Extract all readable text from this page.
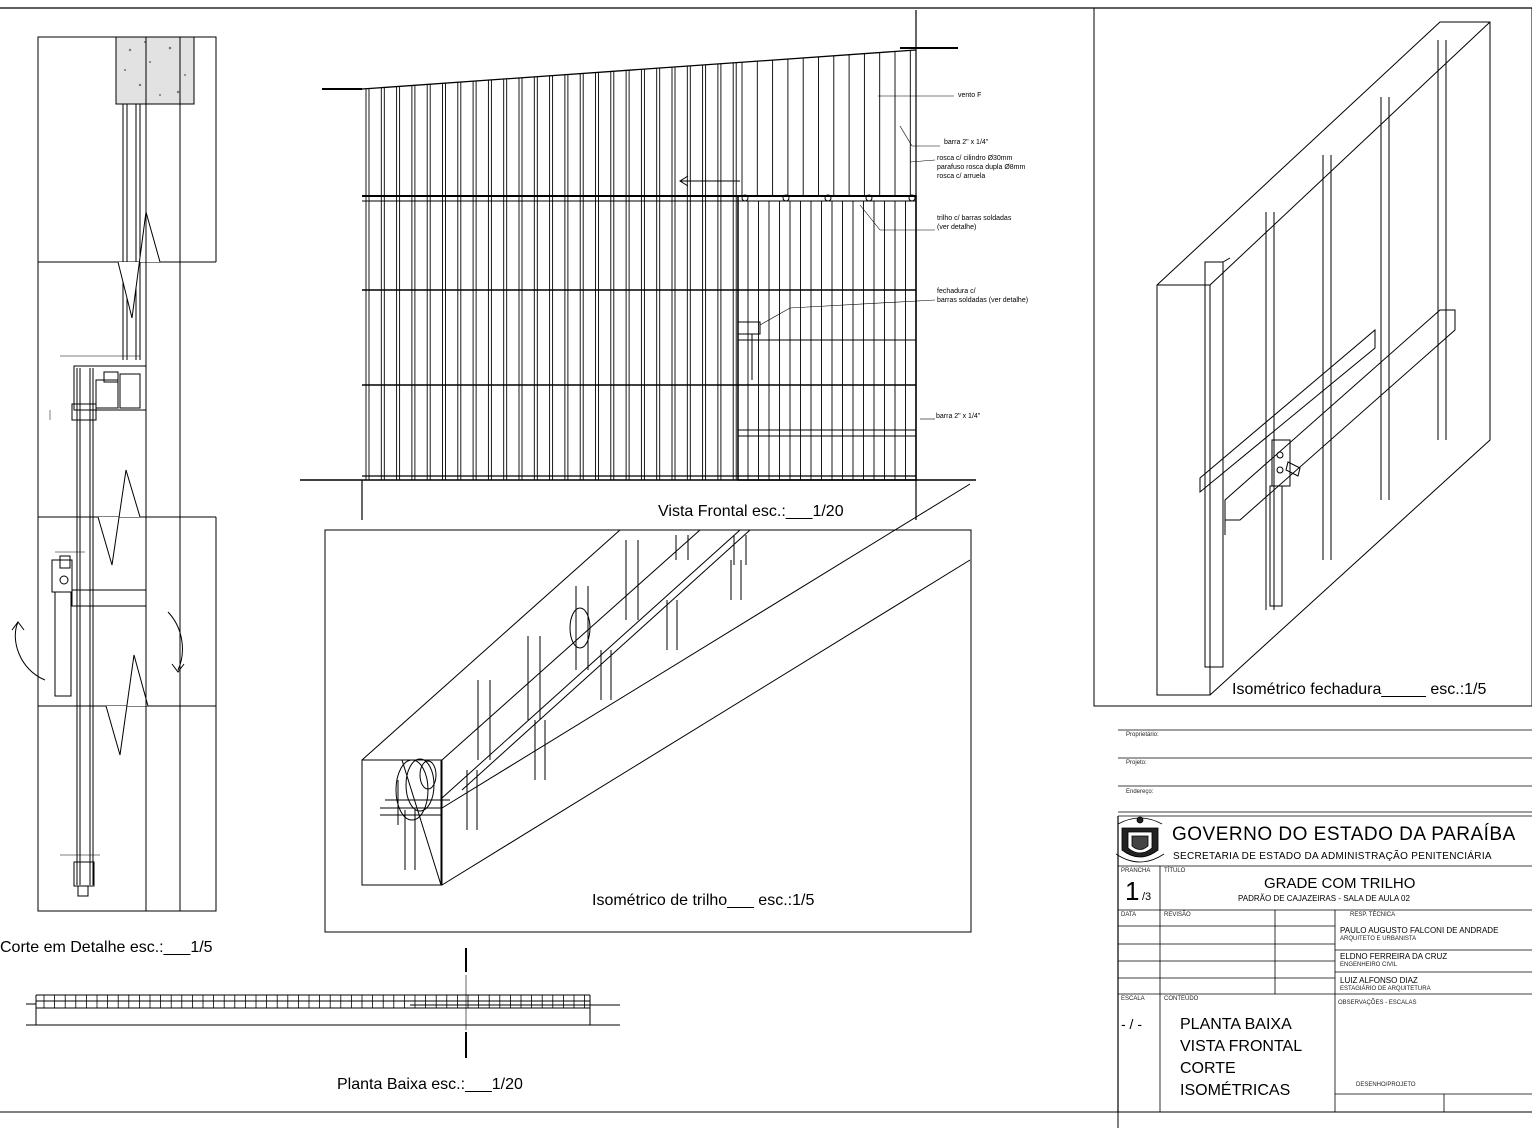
Vista Frontal esc.:___1/20
Corte em Detalhe esc.:___1/5
Planta Baixa esc.:___1/20
Isométrico de trilho___ esc.:1/5
Isométrico fechadura_____ esc.:1/5
vento F
barra 2" x 1/4"
rosca c/ cilindro Ø30mm
parafuso rosca dupla Ø8mm
rosca c/ arruela
trilho c/ barras soldadas
(ver detalhe)
fechadura c/
barras soldadas (ver detalhe)
barra 2" x 1/4"
Proprietário:
Projeto:
Endereço:
GOVERNO DO ESTADO DA PARAÍBA
SECRETARIA DE ESTADO DA ADMINISTRAÇÃO PENITENCIÁRIA
PRANCHA
1 /3
TÍTULO
GRADE COM TRILHO
PADRÃO DE CAJAZEIRAS - SALA DE AULA 02
DATA	REVISÃO	RESP. TÉCNICA
PAULO AUGUSTO FALCONI DE ANDRADE
ARQUITETO E URBANISTA
ELDNO FERREIRA DA CRUZ
ENGENHEIRO CIVIL
LUIZ ALFONSO DIAZ
ESTAGIÁRIO DE ARQUITETURA
ESCALA
- / -
CONTEÚDO
OBSERVAÇÕES - ESCALAS
DESENHO/PROJETO
PLANTA BAIXA
VISTA FRONTAL
CORTE
ISOMÉTRICAS
